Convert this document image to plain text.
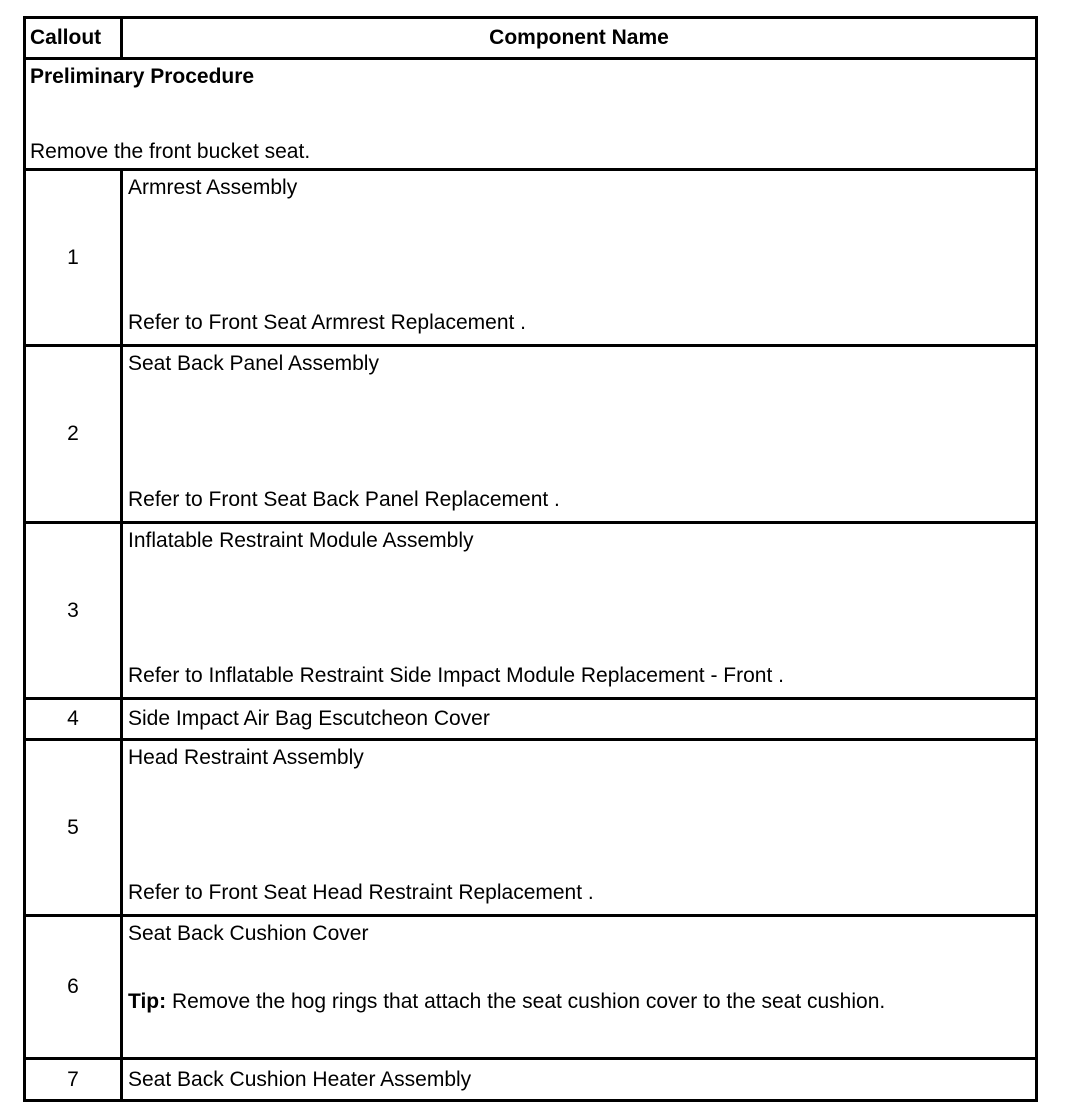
Callout	Component Name

Preliminary Procedure
Remove the front bucket seat.	

1	Armrest Assembly
Refer to Front Seat Armrest Replacement .

2	Seat Back Panel Assembly
Refer to Front Seat Back Panel Replacement .

3	Inflatable Restraint Module Assembly
Refer to Inflatable Restraint Side Impact Module Replacement - Front .

4	Side Impact Air Bag Escutcheon Cover
5	Head Restraint Assembly
Refer to Front Seat Head Restraint Replacement .

6	Seat Back Cushion Cover
Tip: Remove the hog rings that attach the seat cushion cover to the seat cushion.

7	Seat Back Cushion Heater Assembly
